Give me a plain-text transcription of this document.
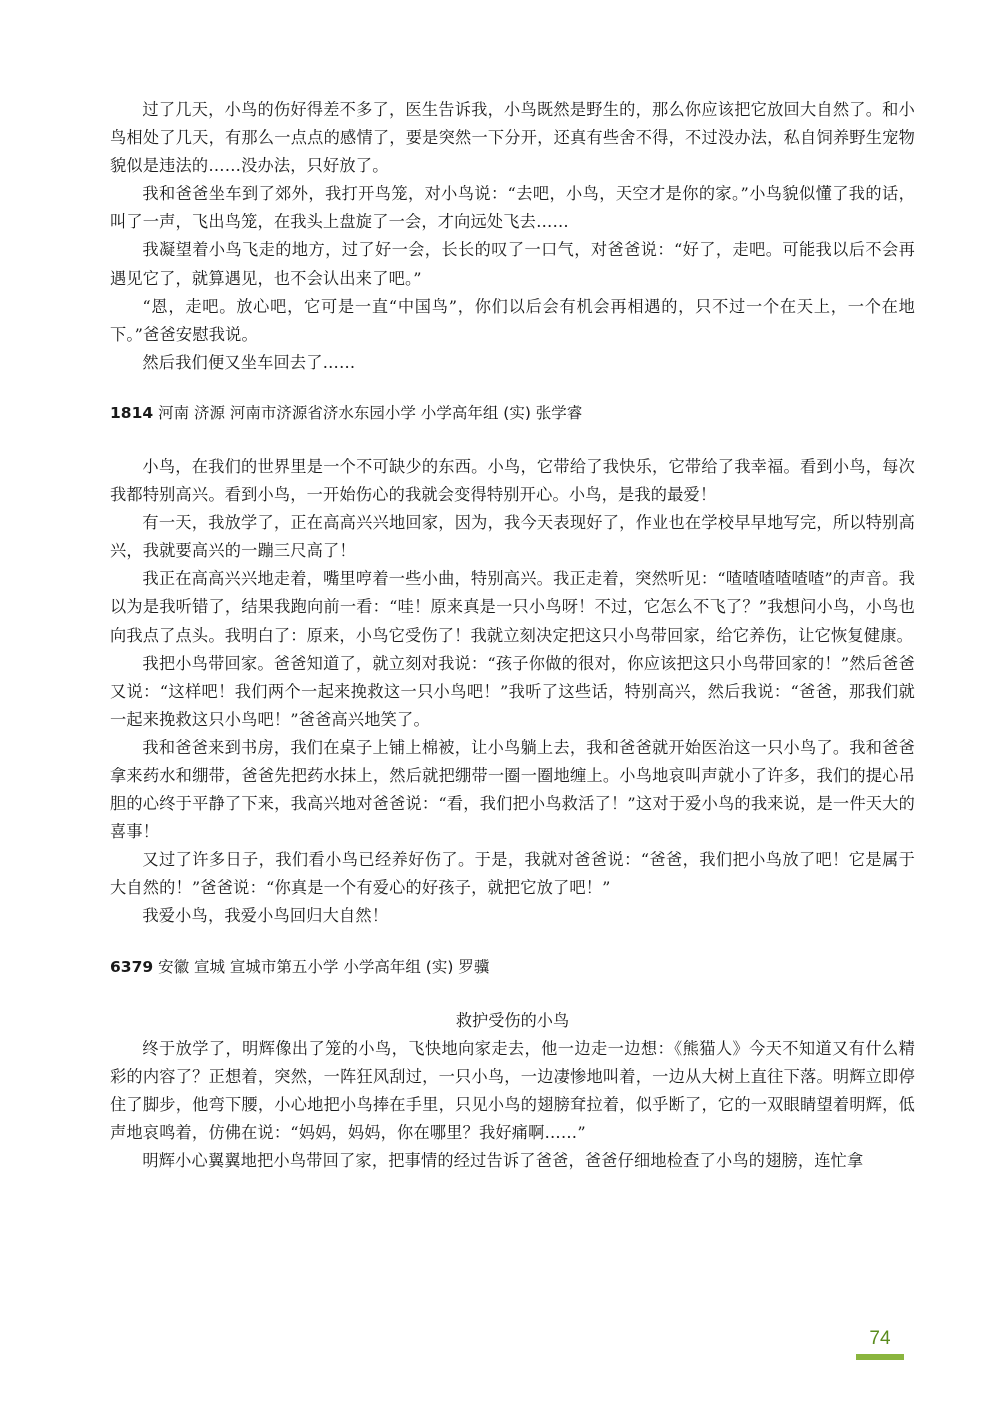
过了几天，小鸟的伤好得差不多了，医生告诉我，小鸟既然是野生的，那么你应该把它放回大自然了。和小鸟相处了几天，有那么一点点的感情了，要是突然一下分开，还真有些舍不得，不过没办法，私自饲养野生宠物貌似是违法的……没办法，只好放了。

我和爸爸坐车到了郊外，我打开鸟笼，对小鸟说：“去吧，小鸟，天空才是你的家。”小鸟貌似懂了我的话，叫了一声，飞出鸟笼，在我头上盘旋了一会，才向远处飞去……

我凝望着小鸟飞走的地方，过了好一会，长长的叹了一口气，对爸爸说：“好了，走吧。可能我以后不会再遇见它了，就算遇见，也不会认出来了吧。”

“恩，走吧。放心吧，它可是一直“中国鸟”，你们以后会有机会再相遇的，只不过一个在天上，一个在地下。”爸爸安慰我说。

然后我们便又坐车回去了……

1814 河南 济源 河南市济源省济水东园小学 小学高年组 (实) 张学睿

小鸟，在我们的世界里是一个不可缺少的东西。小鸟，它带给了我快乐，它带给了我幸福。看到小鸟，每次我都特别高兴。看到小鸟，一开始伤心的我就会变得特别开心。小鸟，是我的最爱！

有一天，我放学了，正在高高兴兴地回家，因为，我今天表现好了，作业也在学校早早地写完，所以特别高兴，我就要高兴的一蹦三尺高了！

我正在高高兴兴地走着，嘴里哼着一些小曲，特别高兴。我正走着，突然听见：“喳喳喳喳喳喳”的声音。我以为是我听错了，结果我跑向前一看：“哇！原来真是一只小鸟呀！不过，它怎么不飞了？”我想问小鸟，小鸟也向我点了点头。我明白了：原来，小鸟它受伤了！我就立刻决定把这只小鸟带回家，给它养伤，让它恢复健康。

我把小鸟带回家。爸爸知道了，就立刻对我说：“孩子你做的很对，你应该把这只小鸟带回家的！”然后爸爸又说：“这样吧！我们两个一起来挽救这一只小鸟吧！”我听了这些话，特别高兴，然后我说：“爸爸，那我们就一起来挽救这只小鸟吧！”爸爸高兴地笑了。

我和爸爸来到书房，我们在桌子上铺上棉被，让小鸟躺上去，我和爸爸就开始医治这一只小鸟了。我和爸爸拿来药水和绷带，爸爸先把药水抹上，然后就把绷带一圈一圈地缠上。小鸟地哀叫声就小了许多，我们的提心吊胆的心终于平静了下来，我高兴地对爸爸说：“看，我们把小鸟救活了！”这对于爱小鸟的我来说，是一件天大的喜事！

又过了许多日子，我们看小鸟已经养好伤了。于是，我就对爸爸说：“爸爸，我们把小鸟放了吧！它是属于大自然的！”爸爸说：“你真是一个有爱心的好孩子，就把它放了吧！”

我爱小鸟，我爱小鸟回归大自然！

6379 安徽 宣城 宣城市第五小学 小学高年组 (实) 罗骥

救护受伤的小鸟

终于放学了，明辉像出了笼的小鸟，飞快地向家走去，他一边走一边想：《熊猫人》今天不知道又有什么精彩的内容了？正想着，突然，一阵狂风刮过，一只小鸟，一边凄惨地叫着，一边从大树上直往下落。明辉立即停住了脚步，他弯下腰，小心地把小鸟捧在手里，只见小鸟的翅膀耷拉着，似乎断了，它的一双眼睛望着明辉，低声地哀鸣着，仿佛在说：“妈妈，妈妈，你在哪里？我好痛啊……”

明辉小心翼翼地把小鸟带回了家，把事情的经过告诉了爸爸，爸爸仔细地检查了小鸟的翅膀，连忙拿

74
